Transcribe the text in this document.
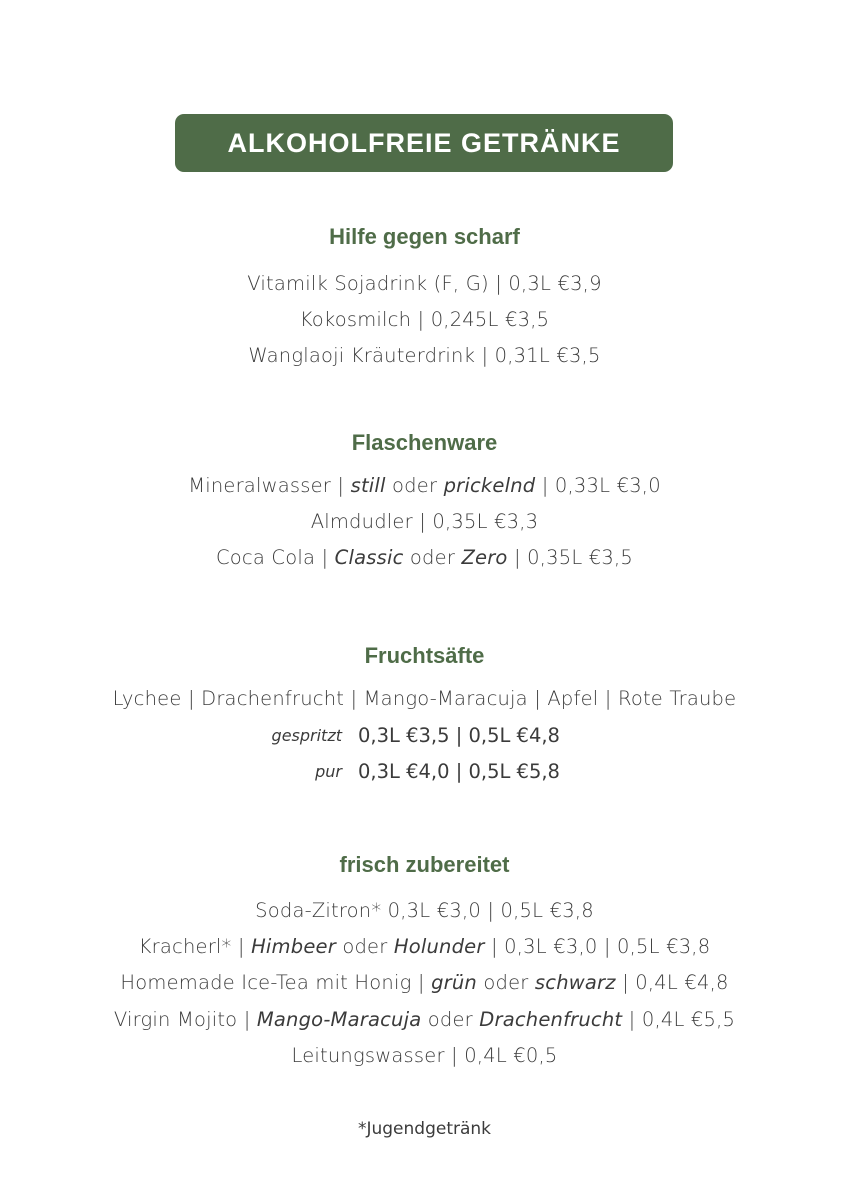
ALKOHOLFREIE GETRÄNKE
Hilfe gegen scharf
Vitamilk Sojadrink (F, G) | 0,3L €3,9
Kokosmilch | 0,245L €3,5
Wanglaoji Kräuterdrink | 0,31L €3,5
Flaschenware
Mineralwasser | still oder prickelnd | 0,33L €3,0
Almdudler | 0,35L €3,3
Coca Cola | Classic oder Zero | 0,35L €3,5
Fruchtsäfte
Lychee | Drachenfrucht | Mango-Maracuja | Apfel | Rote Traube
gespritzt 0,3L €3,5 | 0,5L €4,8
pur 0,3L €4,0 | 0,5L €5,8
frisch zubereitet
Soda-Zitron* 0,3L €3,0 | 0,5L €3,8
Kracherl* | Himbeer oder Holunder | 0,3L €3,0 | 0,5L €3,8
Homemade Ice-Tea mit Honig | grün oder schwarz | 0,4L €4,8
Virgin Mojito | Mango-Maracuja oder Drachenfrucht | 0,4L €5,5
Leitungswasser | 0,4L €0,5
*Jugendgetränk
